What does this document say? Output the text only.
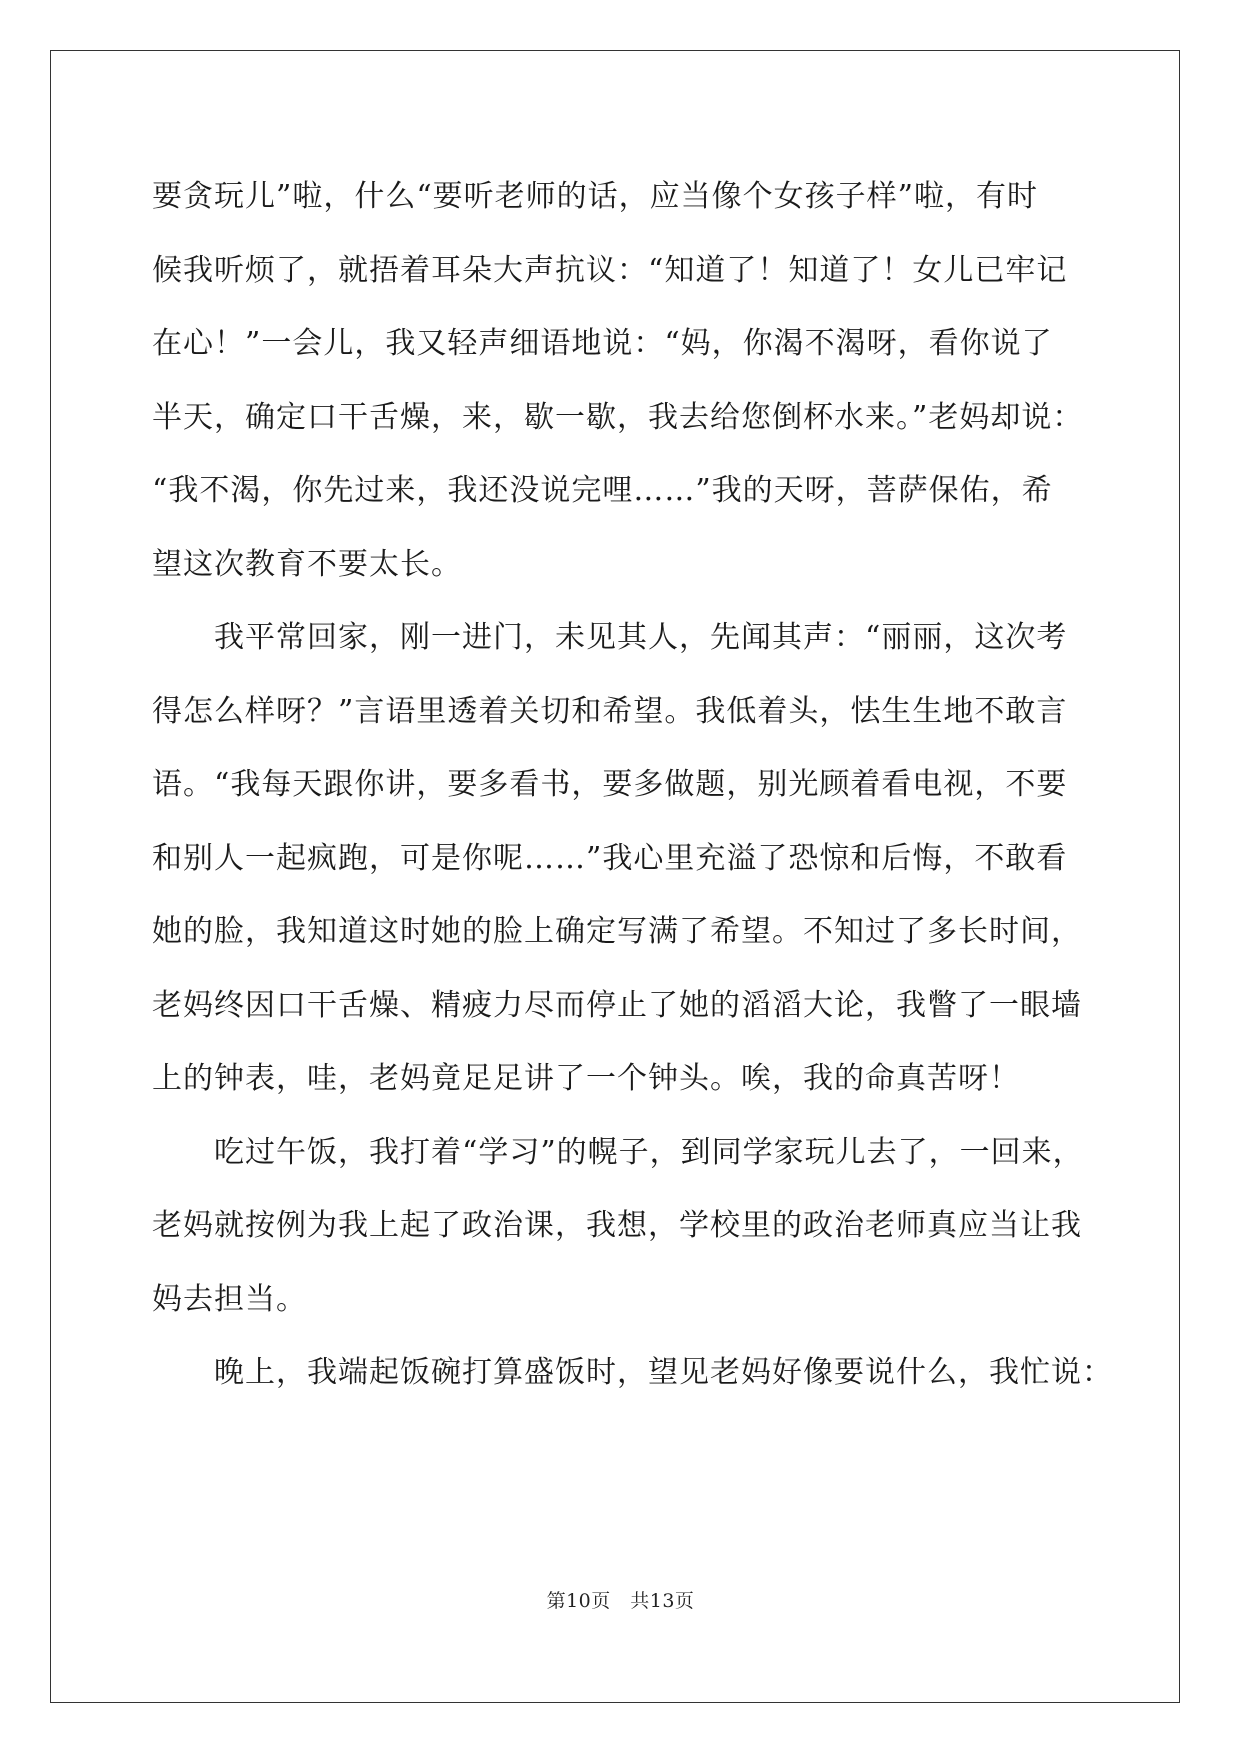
要贪玩儿”啦，什么“要听老师的话，应当像个女孩子样”啦，有时
候我听烦了，就捂着耳朵大声抗议：“知道了！知道了！女儿已牢记
在心！”一会儿，我又轻声细语地说：“妈，你渴不渴呀，看你说了
半天，确定口干舌燥，来，歇一歇，我去给您倒杯水来。”老妈却说：
“我不渴，你先过来，我还没说完哩……”我的天呀，菩萨保佑，希
望这次教育不要太长。

我平常回家，刚一进门，未见其人，先闻其声：“丽丽，这次考
得怎么样呀？”言语里透着关切和希望。我低着头，怯生生地不敢言
语。“我每天跟你讲，要多看书，要多做题，别光顾着看电视，不要
和别人一起疯跑，可是你呢……”我心里充溢了恐惊和后悔，不敢看
她的脸，我知道这时她的脸上确定写满了希望。不知过了多长时间，
老妈终因口干舌燥、精疲力尽而停止了她的滔滔大论，我瞥了一眼墙
上的钟表，哇，老妈竟足足讲了一个钟头。唉，我的命真苦呀！

吃过午饭，我打着“学习”的幌子，到同学家玩儿去了，一回来，
老妈就按例为我上起了政治课，我想，学校里的政治老师真应当让我
妈去担当。

晚上，我端起饭碗打算盛饭时，望见老妈好像要说什么，我忙说：

第10页　共13页
